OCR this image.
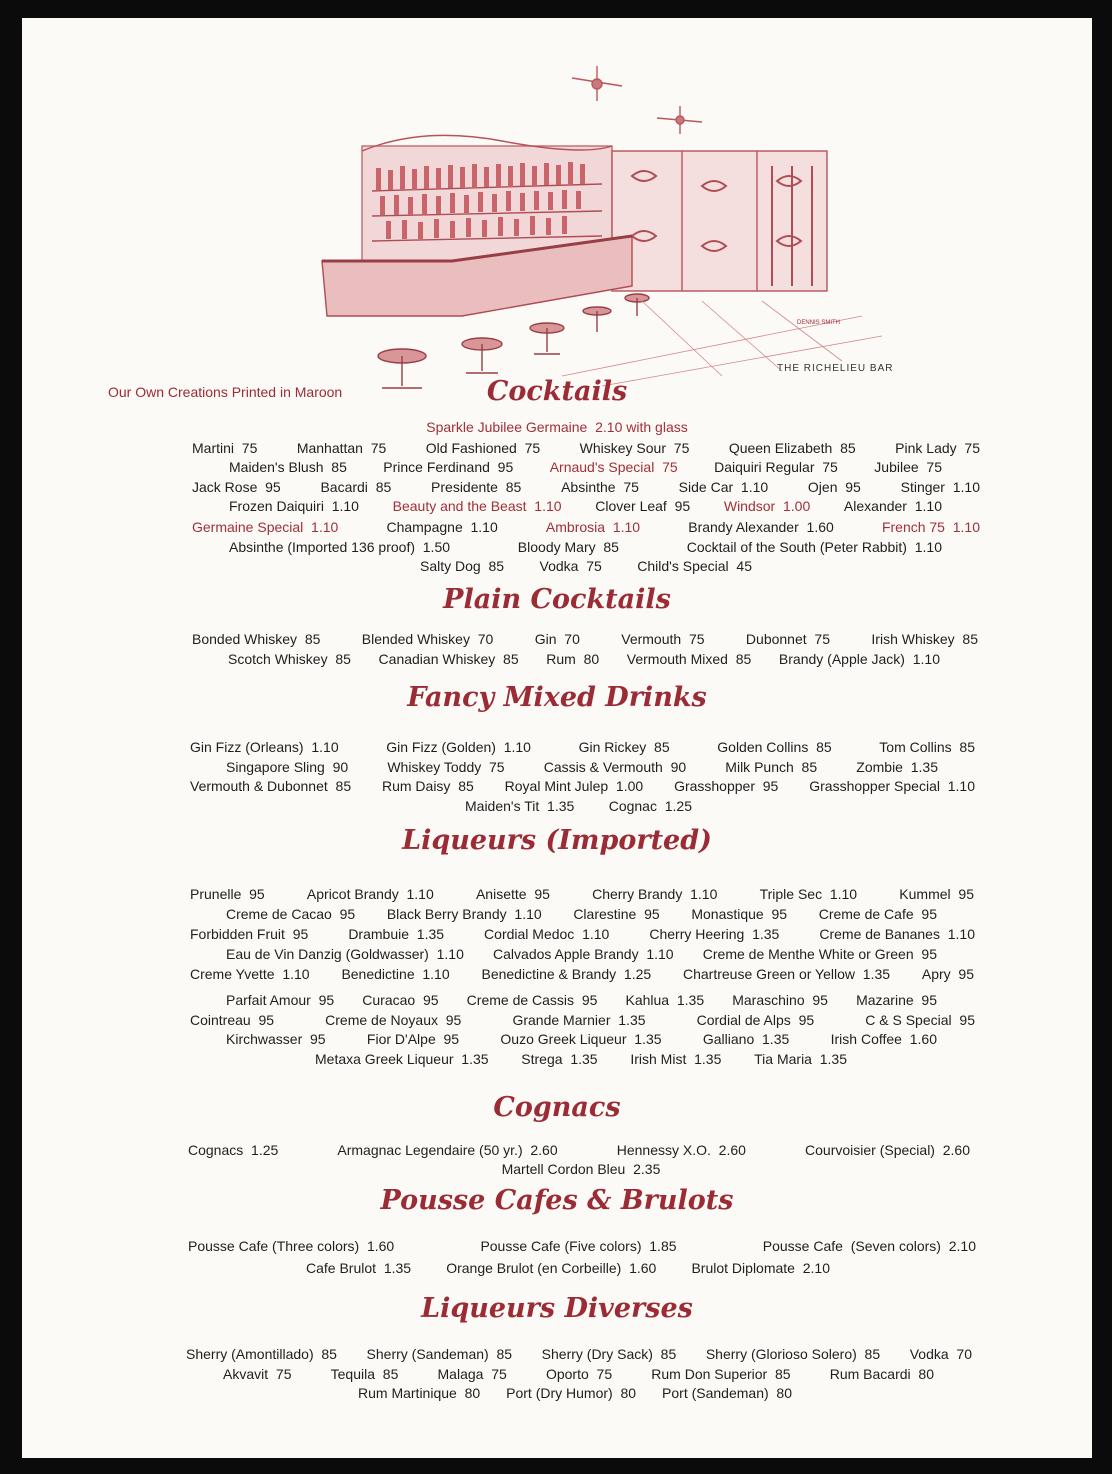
DENNIS SMITH
THE RICHELIEU BAR
Our Own Creations Printed in Maroon	Cocktails
Sparkle Jubilee Germaine  2.10 with glass
Martini  75	Manhattan  75	Old Fashioned  75	Whiskey Sour  75	Queen Elizabeth  85	Pink Lady  75
Maiden's Blush  85	Prince Ferdinand  95	Arnaud's Special  75	Daiquiri Regular  75	Jubilee  75
Jack Rose  95	Bacardi  85	Presidente  85	Absinthe  75	Side Car  1.10	Ojen  95	Stinger  1.10
Frozen Daiquiri  1.10 Beauty and the Beast  1.10 Clover Leaf  95 Windsor  1.00 Alexander  1.10
Germaine Special  1.10	Champagne  1.10	Ambrosia  1.10	Brandy Alexander  1.60	French 75  1.10
Absinthe (Imported 136 proof)  1.50	Bloody Mary  85	Cocktail of the South (Peter Rabbit)  1.10
Salty Dog  85	Vodka  75	Child's Special  45
Plain Cocktails
Bonded Whiskey  85	Blended Whiskey  70	Gin  70	Vermouth  75	Dubonnet  75	Irish Whiskey  85
Scotch Whiskey  85 Canadian Whiskey  85 Rum  80 Vermouth Mixed  85 Brandy (Apple Jack)  1.10
Fancy Mixed Drinks
Gin Fizz (Orleans)  1.10	Gin Fizz (Golden)  1.10	Gin Rickey  85	Golden Collins  85	Tom Collins  85
Singapore Sling  90	Whiskey Toddy  75	Cassis & Vermouth  90	Milk Punch  85	Zombie  1.35
Vermouth & Dubonnet  85 Rum Daisy  85 Royal Mint Julep  1.00 Grasshopper  95 Grasshopper Special  1.10
Maiden's Tit  1.35 Cognac  1.25
Liqueurs (Imported)
Prunelle  95	Apricot Brandy  1.10	Anisette  95	Cherry Brandy  1.10	Triple Sec  1.10	Kummel  95
Creme de Cacao  95 Black Berry Brandy  1.10 Clarestine  95 Monastique  95 Creme de Cafe  95
Forbidden Fruit  95	Drambuie  1.35	Cordial Medoc  1.10	Cherry Heering  1.35	Creme de Bananes  1.10
Eau de Vin Danzig (Goldwasser)  1.10 Calvados Apple Brandy  1.10 Creme de Menthe White or Green  95
Creme Yvette  1.10 Benedictine  1.10 Benedictine & Brandy  1.25 Chartreuse Green or Yellow  1.35 Apry  95
Parfait Amour  95 Curacao  95 Creme de Cassis  95 Kahlua  1.35 Maraschino  95 Mazarine  95
Cointreau  95	Creme de Noyaux  95	Grande Marnier  1.35	Cordial de Alps  95	C & S Special  95
Kirchwasser  95	Fior D'Alpe  95	Ouzo Greek Liqueur  1.35	Galliano  1.35	Irish Coffee  1.60
Metaxa Greek Liqueur  1.35 Strega  1.35 Irish Mist  1.35 Tia Maria  1.35
Cognacs
Cognacs  1.25	Armagnac Legendaire (50 yr.)  2.60	Hennessy X.O.  2.60	Courvoisier (Special)  2.60
Martell Cordon Bleu  2.35
Pousse Cafes & Brulots
Pousse Cafe (Three colors)  1.60	Pousse Cafe (Five colors)  1.85	Pousse Cafe  (Seven colors)  2.10
Cafe Brulot  1.35	Orange Brulot (en Corbeille)  1.60	Brulot Diplomate  2.10
Liqueurs Diverses
Sherry (Amontillado)  85 Sherry (Sandeman)  85 Sherry (Dry Sack)  85 Sherry (Glorioso Solero)  85 Vodka  70
Akvavit  75	Tequila  85	Malaga  75	Oporto  75	Rum Don Superior  85	Rum Bacardi  80
Rum Martinique  80 Port (Dry Humor)  80 Port (Sandeman)  80
